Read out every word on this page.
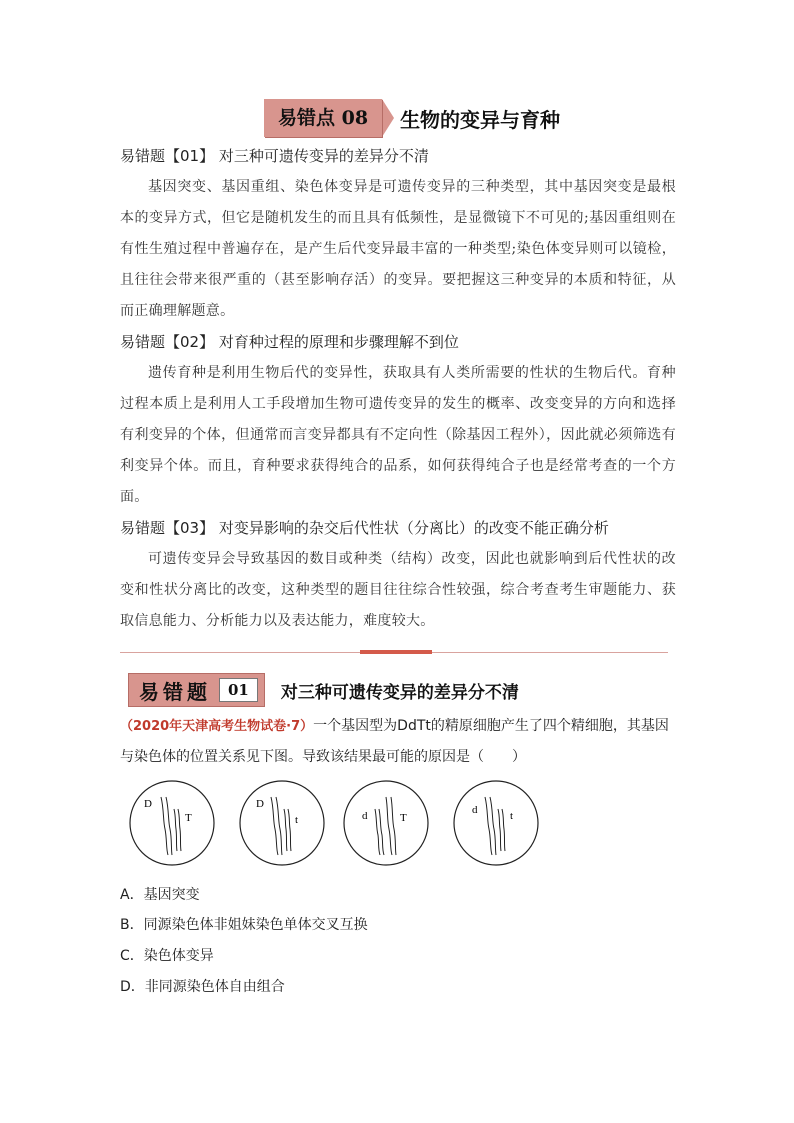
易错点 08	生物的变异与育种
易错题【01】 对三种可遗传变异的差异分不清
基因突变、基因重组、染色体变异是可遗传变异的三种类型，其中基因突变是最根本的变异方式，但它是随机发生的而且具有低频性，是显微镜下不可见的;基因重组则在有性生殖过程中普遍存在，是产生后代变异最丰富的一种类型;染色体变异则可以镜检，且往往会带来很严重的（甚至影响存活）的变异。要把握这三种变异的本质和特征，从而正确理解题意。
易错题【02】 对育种过程的原理和步骤理解不到位
遗传育种是利用生物后代的变异性，获取具有人类所需要的性状的生物后代。育种过程本质上是利用人工手段增加生物可遗传变异的发生的概率、改变变异的方向和选择有利变异的个体，但通常而言变异都具有不定向性（除基因工程外），因此就必须筛选有利变异个体。而且，育种要求获得纯合的品系，如何获得纯合子也是经常考查的一个方面。
易错题【03】 对变异影响的杂交后代性状（分离比）的改变不能正确分析
可遗传变异会导致基因的数目或种类（结构）改变，因此也就影响到后代性状的改变和性状分离比的改变，这种类型的题目往往综合性较强，综合考查考生审题能力、获取信息能力、分析能力以及表达能力，难度较大。
易错题	01	对三种可遗传变异的差异分不清
（2020年天津高考生物试卷·7）一个基因型为DdTt的精原细胞产生了四个精细胞，其基因与染色体的位置关系见下图。导致该结果最可能的原因是（　　）
D
T
D
t	d	T
d	t
A．基因突变
B．同源染色体非姐妹染色单体交叉互换
C．染色体变异
D．非同源染色体自由组合
